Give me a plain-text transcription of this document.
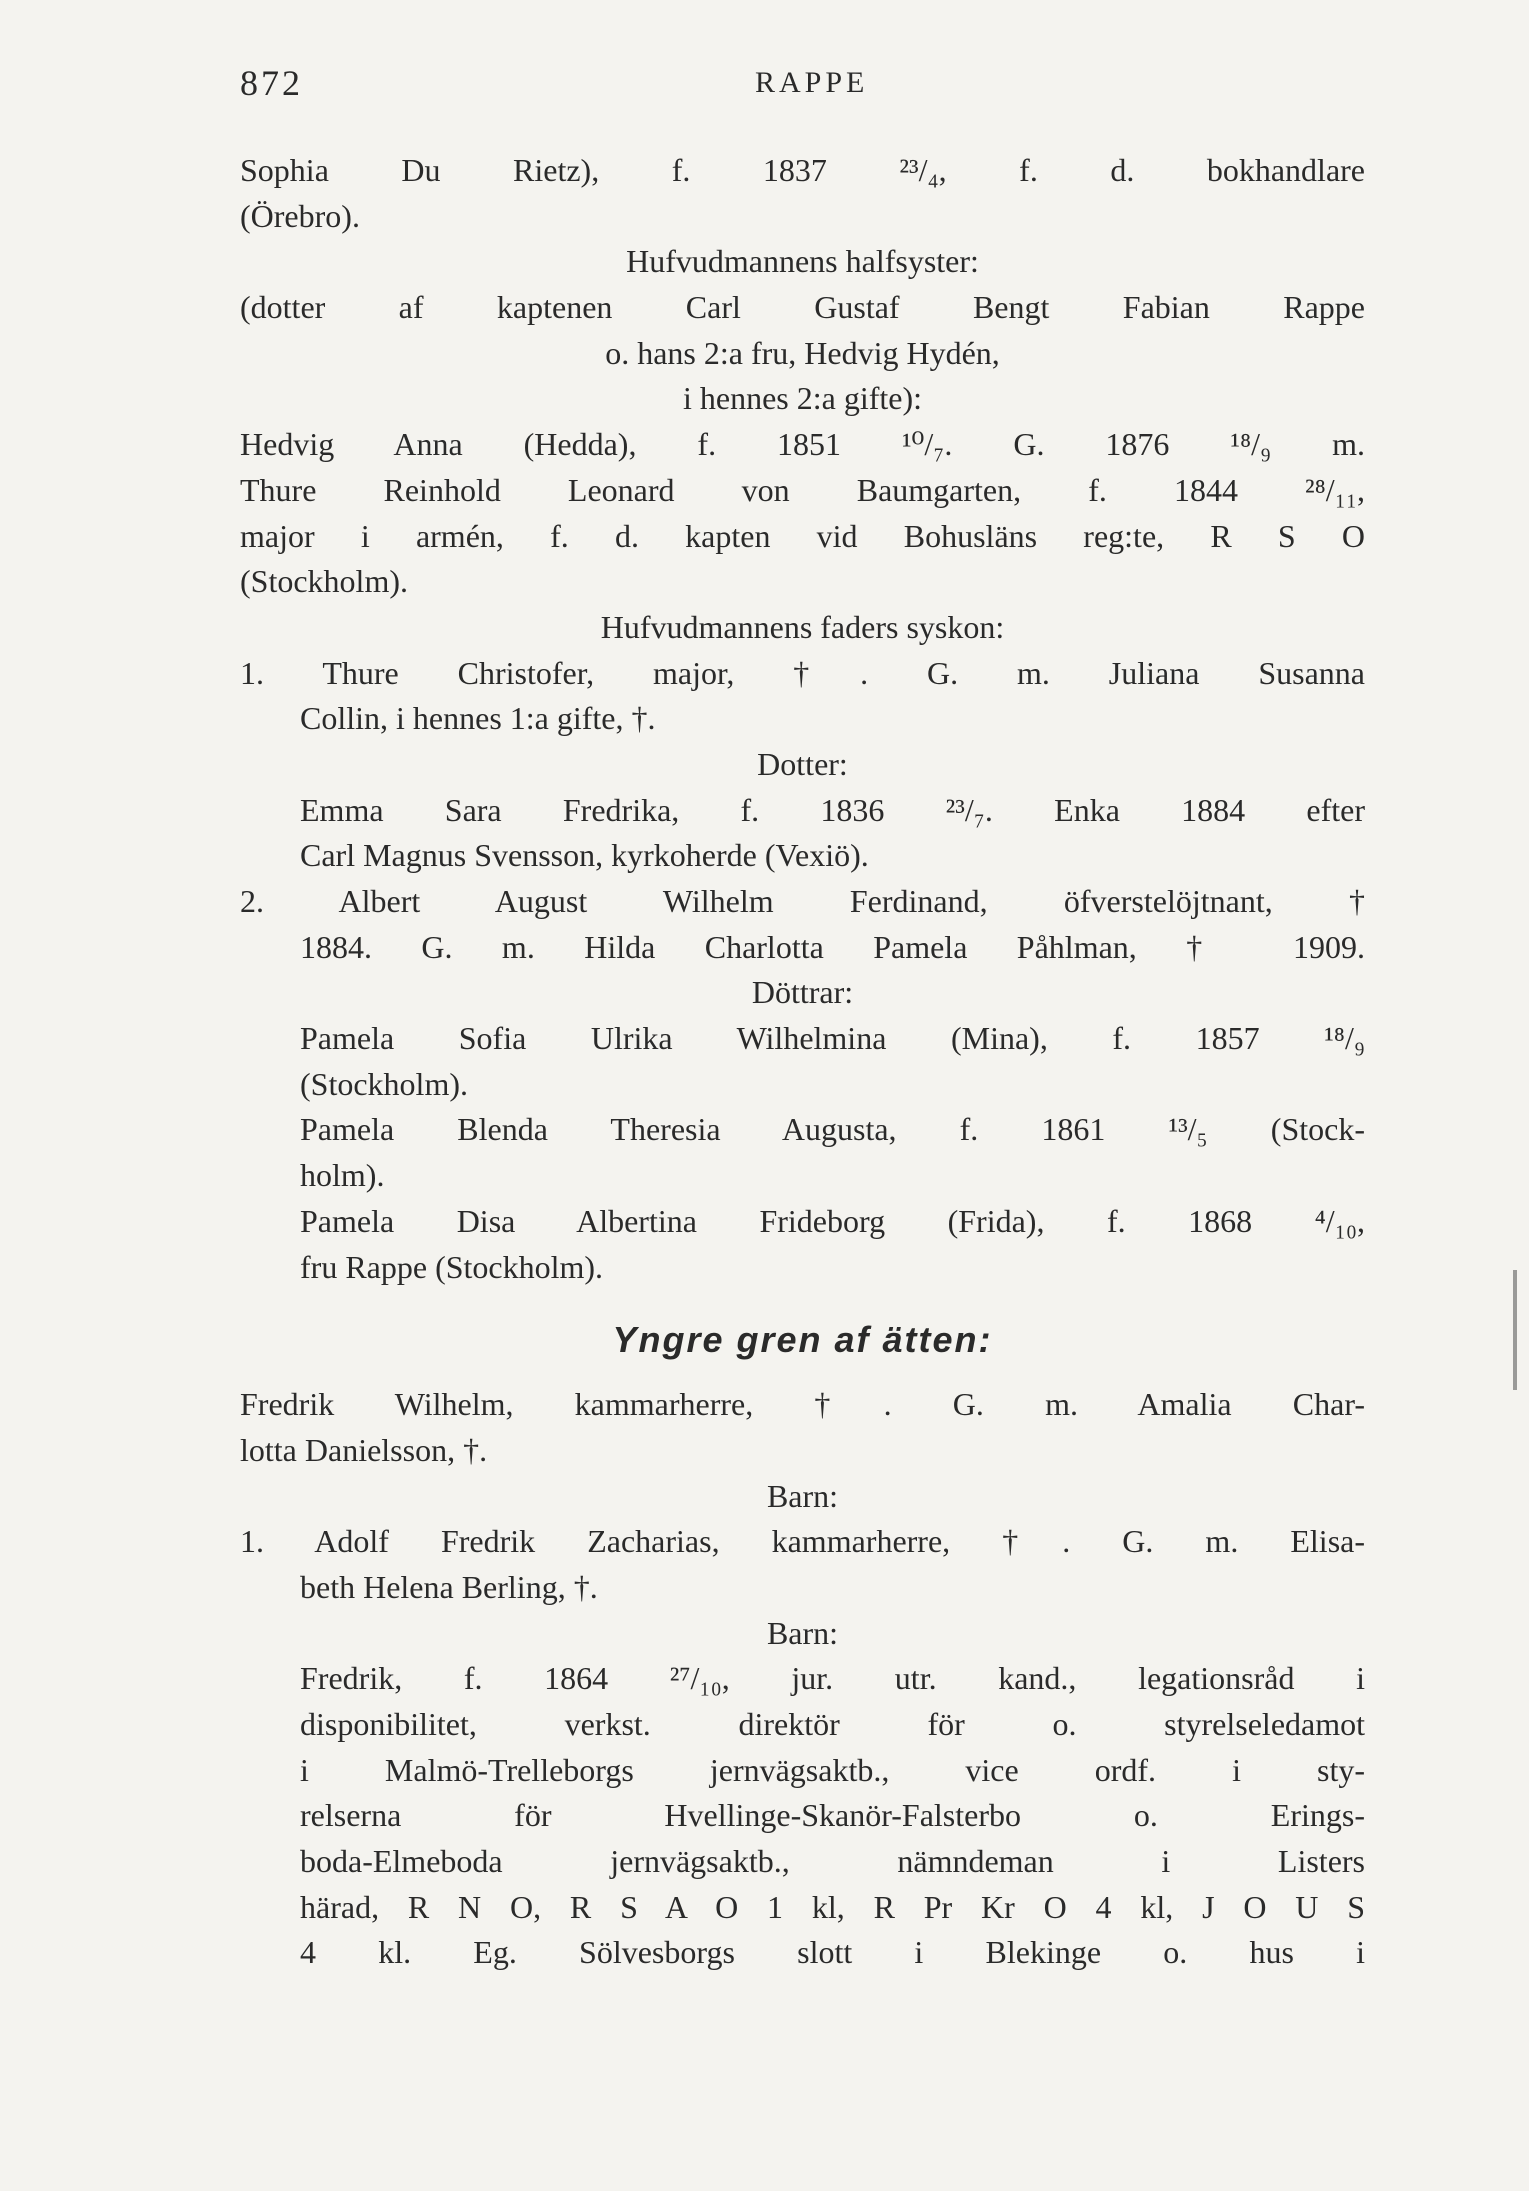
872	RAPPE
Sophia Du Rietz), f. 1837 ²³/₄, f. d. bokhandlare
(Örebro).
Hufvudmannens halfsyster:
(dotter af kaptenen Carl Gustaf Bengt Fabian Rappe
o. hans 2:a fru, Hedvig Hydén,
i hennes 2:a gifte):
Hedvig Anna (Hedda), f. 1851 ¹⁰/₇. G. 1876 ¹⁸/₉ m.
Thure Reinhold Leonard von Baumgarten, f. 1844 ²⁸/₁₁,
major i armén, f. d. kapten vid Bohusläns reg:te, R S O
(Stockholm).
Hufvudmannens faders syskon:
1. Thure Christofer, major, †. G. m. Juliana Susanna
Collin, i hennes 1:a gifte, †.
Dotter:
Emma Sara Fredrika, f. 1836 ²³/₇. Enka 1884 efter
Carl Magnus Svensson, kyrkoherde (Vexiö).
2. Albert August Wilhelm Ferdinand, öfverstelöjtnant, †
1884. G. m. Hilda Charlotta Pamela Påhlman, † 1909.
Döttrar:
Pamela Sofia Ulrika Wilhelmina (Mina), f. 1857 ¹⁸/₉
(Stockholm).
Pamela Blenda Theresia Augusta, f. 1861 ¹³/₅ (Stock-
holm).
Pamela Disa Albertina Frideborg (Frida), f. 1868 ⁴/₁₀,
fru Rappe (Stockholm).
Yngre gren af ätten:
Fredrik Wilhelm, kammarherre, †. G. m. Amalia Char-
lotta Danielsson, †.
Barn:
1. Adolf Fredrik Zacharias, kammarherre, †. G. m. Elisa-
beth Helena Berling, †.
Barn:
Fredrik, f. 1864 ²⁷/₁₀, jur. utr. kand., legationsråd i
disponibilitet, verkst. direktör för o. styrelseledamot
i Malmö-Trelleborgs jernvägsaktb., vice ordf. i sty-
relserna för Hvellinge-Skanör-Falsterbo o. Erings-
boda-Elmeboda jernvägsaktb., nämndeman i Listers
härad, R N O, R S A O 1 kl, R Pr Kr O 4 kl, J O U S
4 kl. Eg. Sölvesborgs slott i Blekinge o. hus i
